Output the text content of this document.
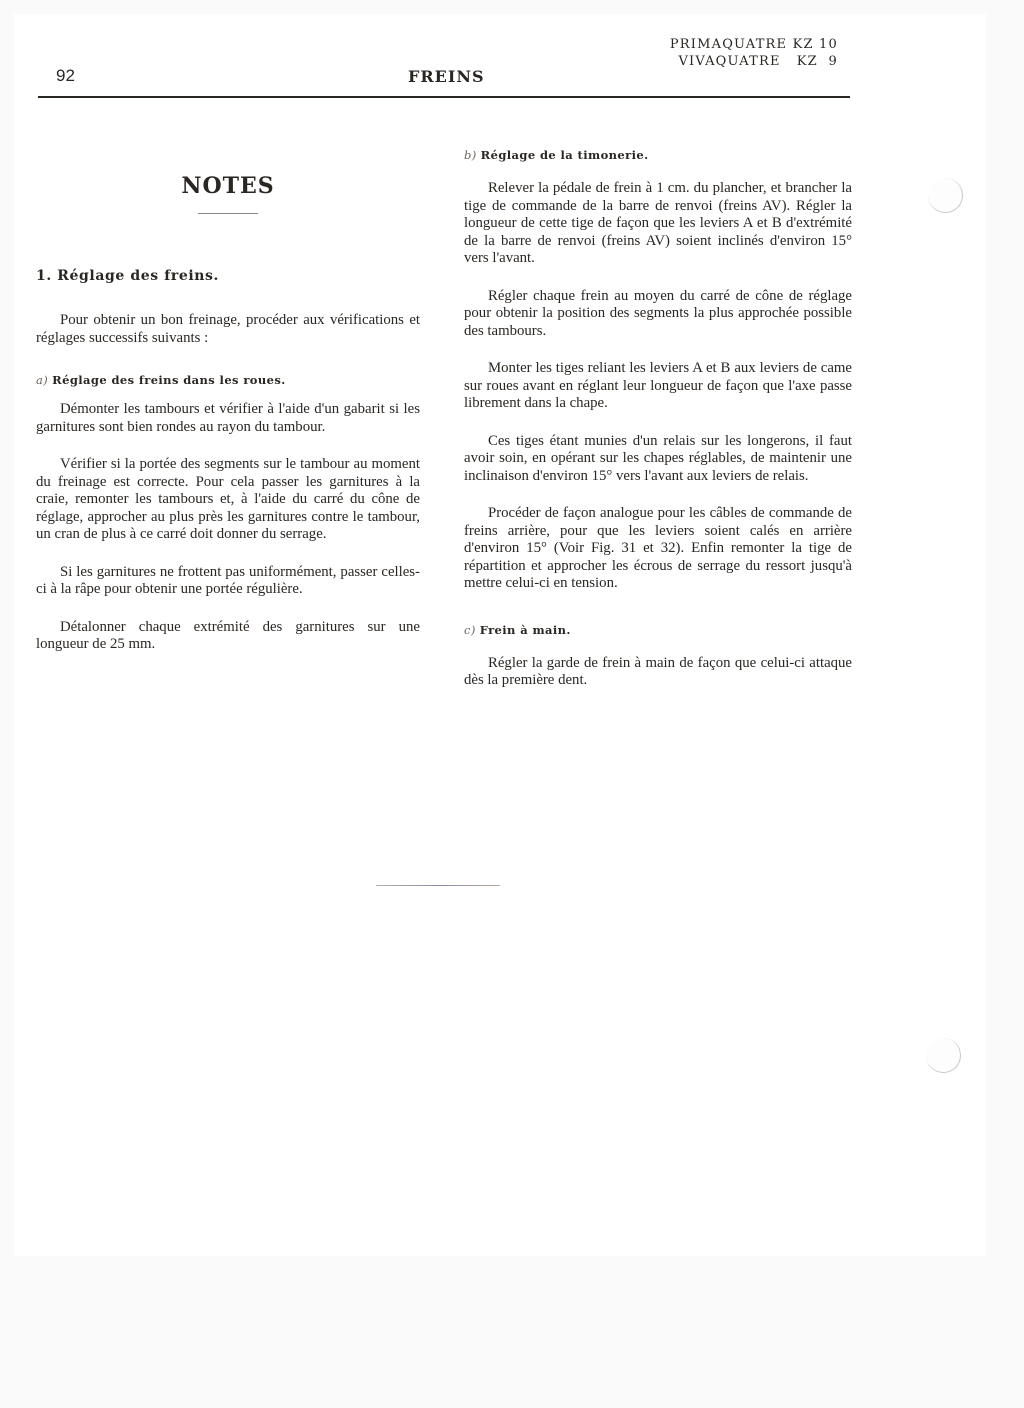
92	FREINS
PRIMAQUATRE KZ 10
VIVAQUATRE   KZ  9
NOTES
1. Réglage des freins.

Pour obtenir un bon freinage, procéder aux vérifications et réglages successifs suivants :

a) Réglage des freins dans les roues.

Démonter les tambours et vérifier à l'aide d'un gabarit si les garnitures sont bien rondes au rayon du tambour.

Vérifier si la portée des segments sur le tambour au moment du freinage est correcte. Pour cela passer les garnitures à la craie, remonter les tambours et, à l'aide du carré du cône de réglage, approcher au plus près les garnitures contre le tambour, un cran de plus à ce carré doit donner du serrage.

Si les garnitures ne frottent pas uniformément, passer celles-ci à la râpe pour obtenir une portée régulière.

Détalonner chaque extrémité des garnitures sur une longueur de 25 mm.

b) Réglage de la timonerie.

Relever la pédale de frein à 1 cm. du plancher, et brancher la tige de commande de la barre de renvoi (freins AV). Régler la longueur de cette tige de façon que les leviers A et B d'extrémité de la barre de renvoi (freins AV) soient inclinés d'environ 15° vers l'avant.

Régler chaque frein au moyen du carré de cône de réglage pour obtenir la position des segments la plus approchée possible des tambours.

Monter les tiges reliant les leviers A et B aux leviers de came sur roues avant en réglant leur longueur de façon que l'axe passe librement dans la chape.

Ces tiges étant munies d'un relais sur les longerons, il faut avoir soin, en opérant sur les chapes réglables, de maintenir une inclinaison d'environ 15° vers l'avant aux leviers de relais.

Procéder de façon analogue pour les câbles de commande de freins arrière, pour que les leviers soient calés en arrière d'environ 15° (Voir Fig. 31 et 32). Enfin remonter la tige de répartition et approcher les écrous de serrage du ressort jusqu'à mettre celui-ci en tension.

c) Frein à main.

Régler la garde de frein à main de façon que celui-ci attaque dès la première dent.
